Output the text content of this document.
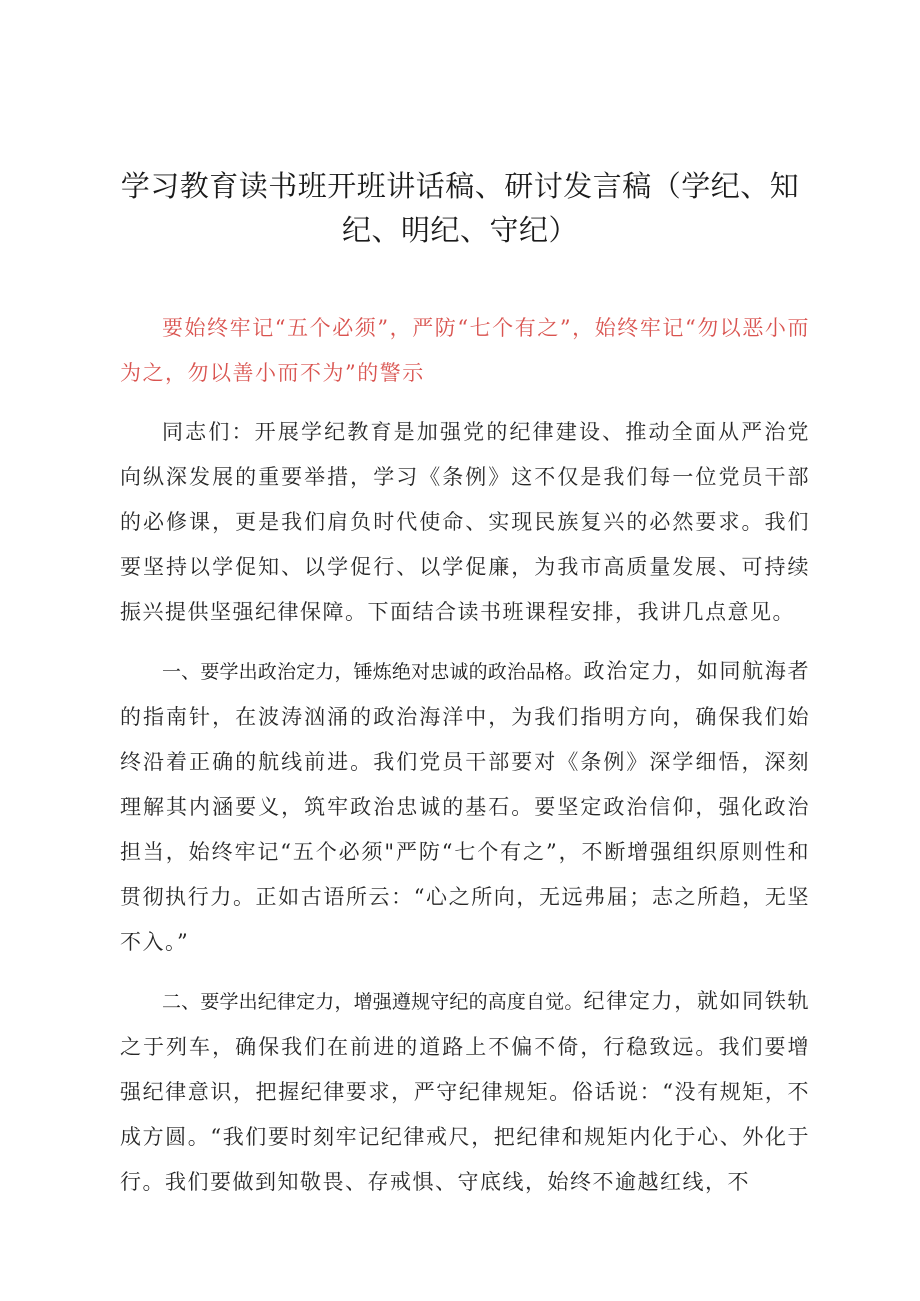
学习教育读书班开班讲话稿、研讨发言稿（学纪、知纪、明纪、守纪）

要始终牢记“五个必须”，严防“七个有之”，始终牢记“勿以恶小而为之，勿以善小而不为”的警示

同志们：开展学纪教育是加强党的纪律建设、推动全面从严治党向纵深发展的重要举措，学习《条例》这不仅是我们每一位党员干部的必修课，更是我们肩负时代使命、实现民族复兴的必然要求。我们要坚持以学促知、以学促行、以学促廉，为我市高质量发展、可持续振兴提供坚强纪律保障。下面结合读书班课程安排，我讲几点意见。

一、要学出政治定力，锤炼绝对忠诚的政治品格。政治定力，如同航海者的指南针，在波涛汹涌的政治海洋中，为我们指明方向，确保我们始终沿着正确的航线前进。我们党员干部要对《条例》深学细悟，深刻理解其内涵要义，筑牢政治忠诚的基石。要坚定政治信仰，强化政治担当，始终牢记“五个必须"严防“七个有之”，不断增强组织原则性和贯彻执行力。正如古语所云：“心之所向，无远弗届；志之所趋，无坚不入。”

二、要学出纪律定力，增强遵规守纪的高度自觉。纪律定力，就如同铁轨之于列车，确保我们在前进的道路上不偏不倚，行稳致远。我们要增强纪律意识，把握纪律要求，严守纪律规矩。俗话说：“没有规矩，不成方圆。“我们要时刻牢记纪律戒尺，把纪律和规矩内化于心、外化于行。我们要做到知敬畏、存戒惧、守底线，始终不逾越红线，不
